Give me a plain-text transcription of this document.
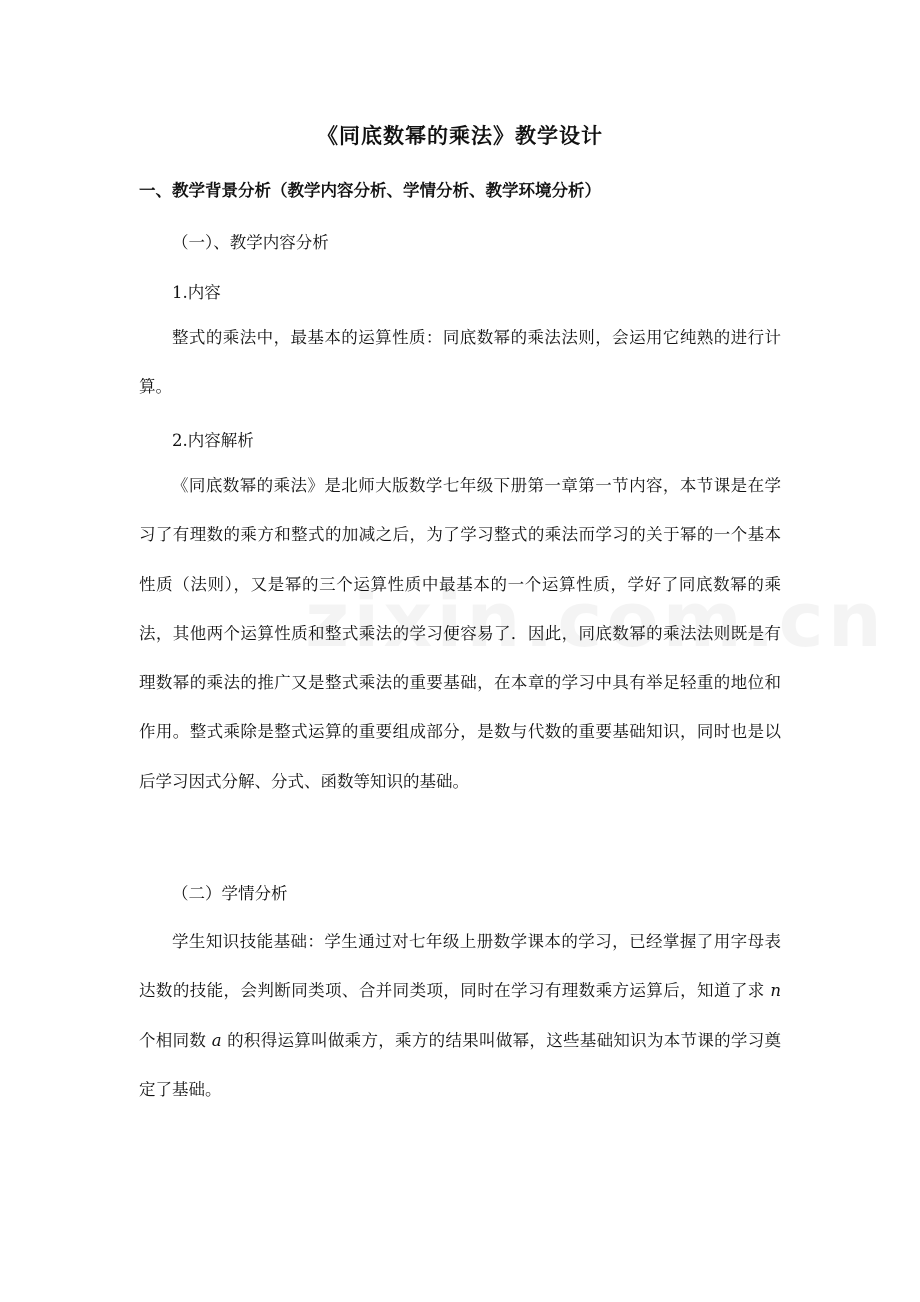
《同底数幂的乘法》教学设计
一、教学背景分析（教学内容分析、学情分析、教学环境分析）
（一）、教学内容分析
1.内容
整式的乘法中，最基本的运算性质：同底数幂的乘法法则，会运用它纯熟的进行计算。
2.内容解析
《同底数幂的乘法》是北师大版数学七年级下册第一章第一节内容，本节课是在学习了有理数的乘方和整式的加减之后，为了学习整式的乘法而学习的关于幂的一个基本性质（法则），又是幂的三个运算性质中最基本的一个运算性质，学好了同底数幂的乘法，其他两个运算性质和整式乘法的学习便容易了．因此，同底数幂的乘法法则既是有理数幂的乘法的推广又是整式乘法的重要基础，在本章的学习中具有举足轻重的地位和作用。整式乘除是整式运算的重要组成部分，是数与代数的重要基础知识，同时也是以后学习因式分解、分式、函数等知识的基础。
（二）学情分析
学生知识技能基础：学生通过对七年级上册数学课本的学习，已经掌握了用字母表达数的技能，会判断同类项、合并同类项，同时在学习有理数乘方运算后，知道了求 n 个相同数 a 的积得运算叫做乘方，乘方的结果叫做幂，这些基础知识为本节课的学习奠定了基础。
